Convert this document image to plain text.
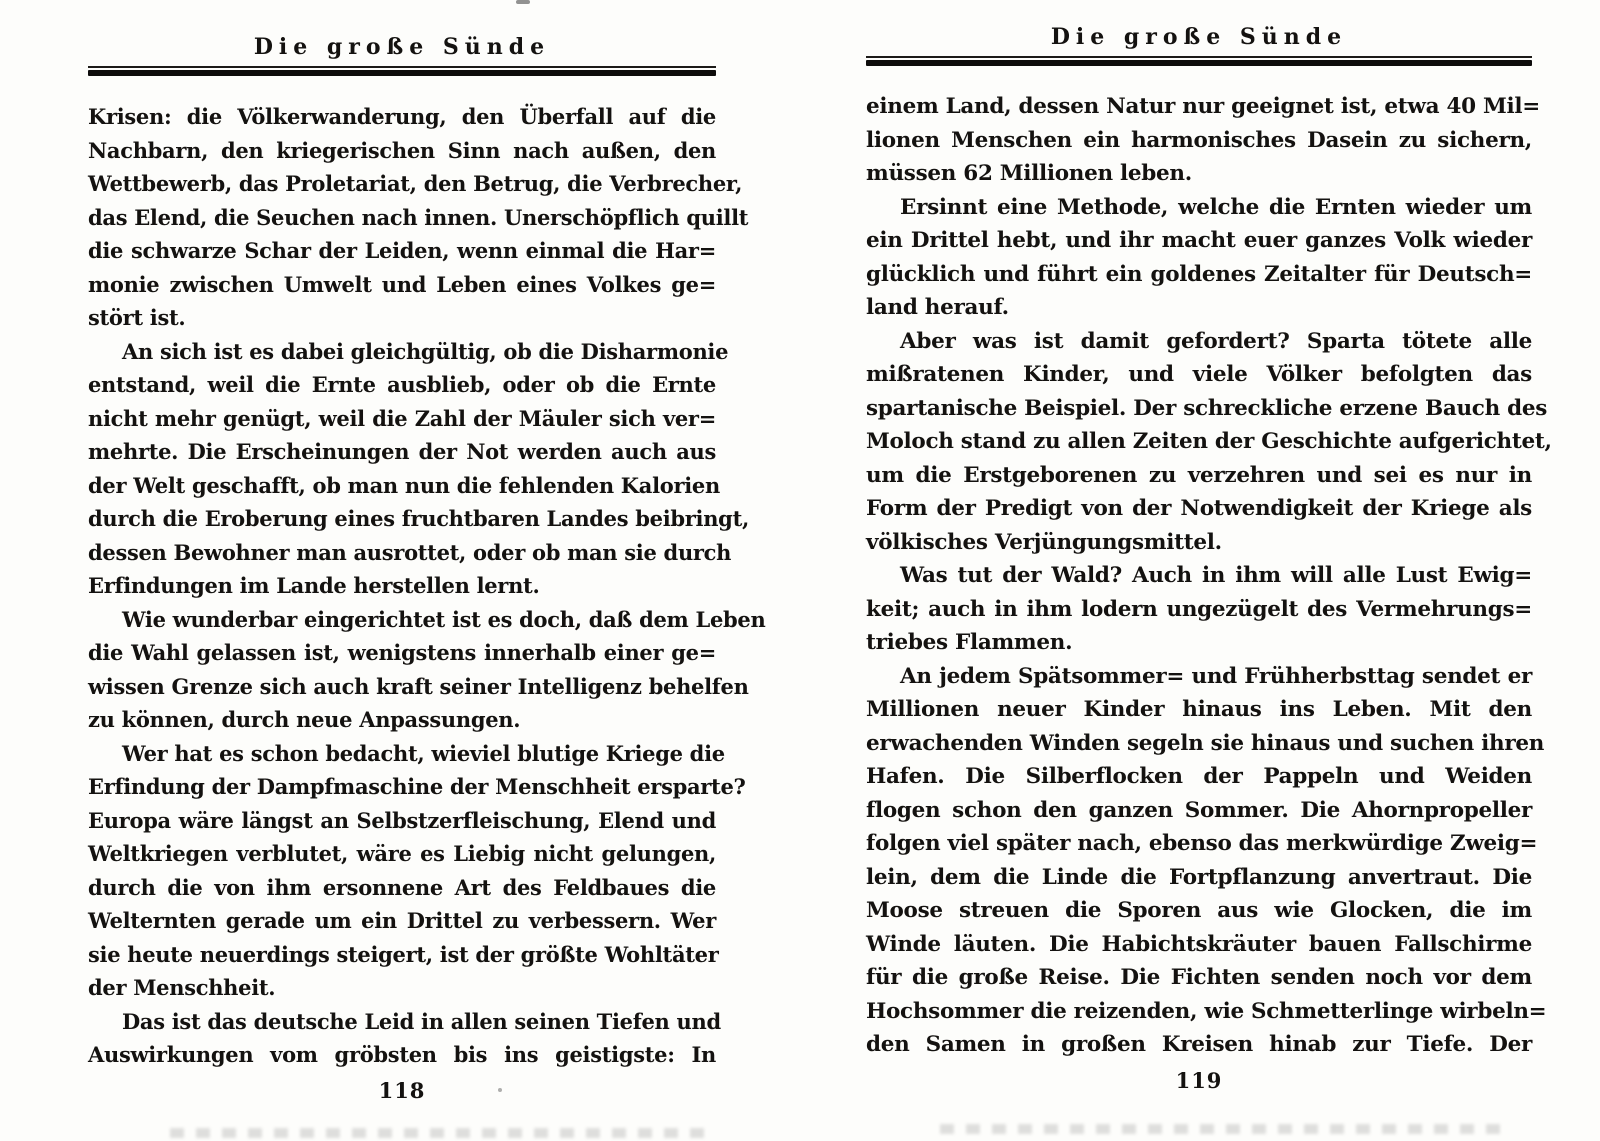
Die große Sünde
Krisen: die Völkerwanderung, den Überfall auf die
Nachbarn, den kriegerischen Sinn nach außen, den
Wettbewerb, das Proletariat, den Betrug, die Verbrecher,
das Elend, die Seuchen nach innen. Unerschöpflich quillt
die schwarze Schar der Leiden, wenn einmal die Har=
monie zwischen Umwelt und Leben eines Volkes ge=
stört ist.
An sich ist es dabei gleichgültig, ob die Disharmonie
entstand, weil die Ernte ausblieb, oder ob die Ernte
nicht mehr genügt, weil die Zahl der Mäuler sich ver=
mehrte. Die Erscheinungen der Not werden auch aus
der Welt geschafft, ob man nun die fehlenden Kalorien
durch die Eroberung eines fruchtbaren Landes beibringt,
dessen Bewohner man ausrottet, oder ob man sie durch
Erfindungen im Lande herstellen lernt.
Wie wunderbar eingerichtet ist es doch, daß dem Leben
die Wahl gelassen ist, wenigstens innerhalb einer ge=
wissen Grenze sich auch kraft seiner Intelligenz behelfen
zu können, durch neue Anpassungen.
Wer hat es schon bedacht, wieviel blutige Kriege die
Erfindung der Dampfmaschine der Menschheit ersparte?
Europa wäre längst an Selbstzerfleischung, Elend und
Weltkriegen verblutet, wäre es Liebig nicht gelungen,
durch die von ihm ersonnene Art des Feldbaues die
Welternten gerade um ein Drittel zu verbessern. Wer
sie heute neuerdings steigert, ist der größte Wohltäter
der Menschheit.
Das ist das deutsche Leid in allen seinen Tiefen und
Auswirkungen vom gröbsten bis ins geistigste: In
118
Die große Sünde
einem Land, dessen Natur nur geeignet ist, etwa 40 Mil=
lionen Menschen ein harmonisches Dasein zu sichern,
müssen 62 Millionen leben.
Ersinnt eine Methode, welche die Ernten wieder um
ein Drittel hebt, und ihr macht euer ganzes Volk wieder
glücklich und führt ein goldenes Zeitalter für Deutsch=
land herauf.
Aber was ist damit gefordert? Sparta tötete alle
mißratenen Kinder, und viele Völker befolgten das
spartanische Beispiel. Der schreckliche erzene Bauch des
Moloch stand zu allen Zeiten der Geschichte aufgerichtet,
um die Erstgeborenen zu verzehren und sei es nur in
Form der Predigt von der Notwendigkeit der Kriege als
völkisches Verjüngungsmittel.
Was tut der Wald? Auch in ihm will alle Lust Ewig=
keit; auch in ihm lodern ungezügelt des Vermehrungs=
triebes Flammen.
An jedem Spätsommer= und Frühherbsttag sendet er
Millionen neuer Kinder hinaus ins Leben. Mit den
erwachenden Winden segeln sie hinaus und suchen ihren
Hafen. Die Silberflocken der Pappeln und Weiden
flogen schon den ganzen Sommer. Die Ahornpropeller
folgen viel später nach, ebenso das merkwürdige Zweig=
lein, dem die Linde die Fortpflanzung anvertraut. Die
Moose streuen die Sporen aus wie Glocken, die im
Winde läuten. Die Habichtskräuter bauen Fallschirme
für die große Reise. Die Fichten senden noch vor dem
Hochsommer die reizenden, wie Schmetterlinge wirbeln=
den Samen in großen Kreisen hinab zur Tiefe. Der
119
